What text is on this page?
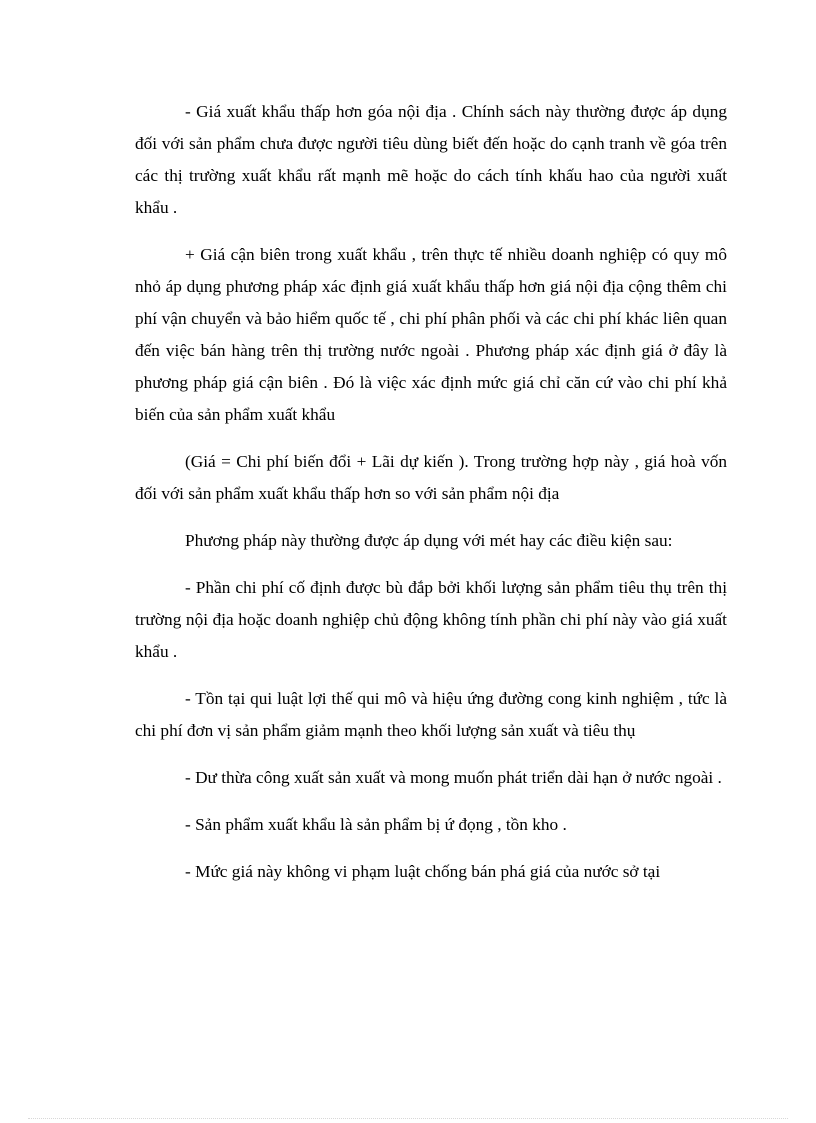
- Giá xuất khẩu thấp hơn góa nội địa . Chính sách này thường được áp dụng đối với sản phẩm chưa được người tiêu dùng biết đến hoặc do cạnh tranh về góa trên các thị trường xuất khẩu rất mạnh mẽ hoặc do cách tính khấu hao của người xuất khẩu .

+ Giá cận biên trong xuất khẩu , trên thực tế nhiều doanh nghiệp có quy mô nhỏ áp dụng phương pháp xác định giá xuất khẩu thấp hơn giá nội địa cộng thêm chi phí vận chuyển và bảo hiểm quốc tế , chi phí phân phối và các chi phí khác liên quan đến việc bán hàng trên thị trường nước ngoài . Phương pháp xác định giá ở đây là phương pháp giá cận biên . Đó là việc xác định mức giá chỉ căn cứ vào chi phí khả biến của sản phẩm xuất khẩu

(Giá = Chi phí biến đổi + Lãi dự kiến ). Trong trường hợp này , giá hoà vốn đối với sản phẩm xuất khẩu thấp hơn so với sản phẩm nội địa

Phương pháp này thường được áp dụng với mét hay các điều kiện sau:

- Phần chi phí cố định được bù đắp bởi khối lượng sản phẩm tiêu thụ trên thị trường nội địa hoặc doanh nghiệp chủ động không tính phần chi phí này vào giá xuất khẩu .

- Tồn tại qui luật lợi thế qui mô và hiệu ứng đường cong kinh nghiệm , tức là chi phí đơn vị sản phẩm giảm mạnh theo khối lượng sản xuất và tiêu thụ

- Dư thừa công xuất sản xuất và mong muốn phát triển dài hạn ở nước ngoài .

- Sản phẩm xuất khẩu là sản phẩm bị ứ đọng , tồn kho .

- Mức giá này không vi phạm luật chống bán phá giá của nước sở tại
